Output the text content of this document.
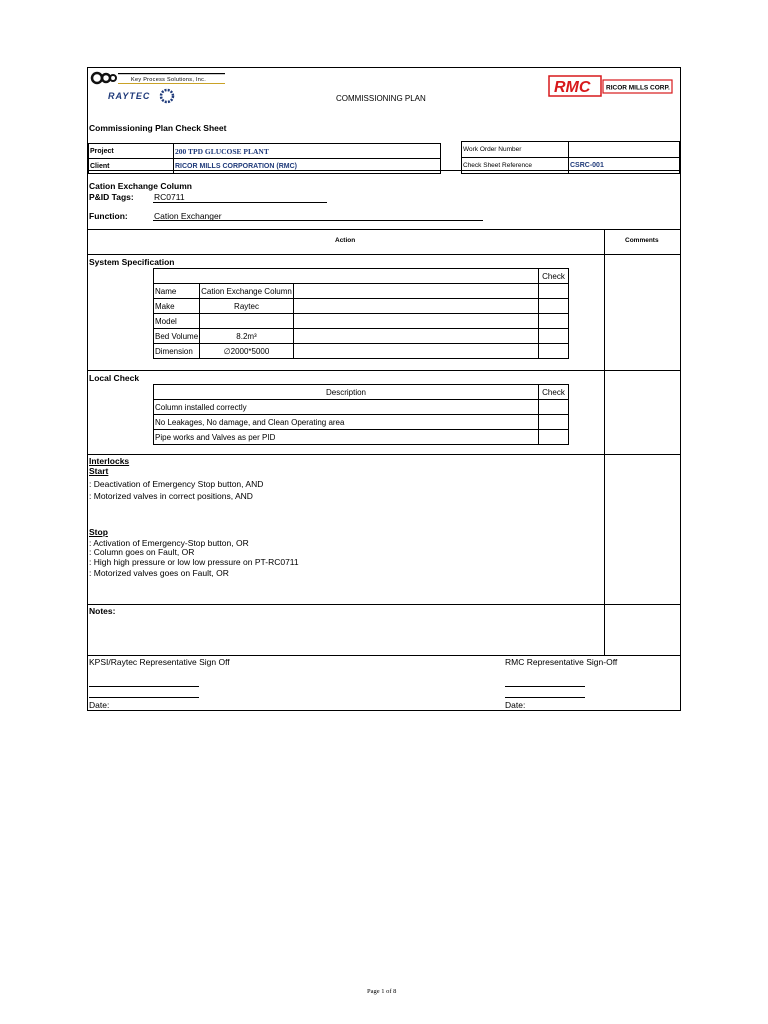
Key Process Solutions, Inc.
RAYTEC	COMMISSIONING PLAN
RMC RICOR MILLS CORP.
Commissioning Plan Check Sheet
Project	200 TPD GLUCOSE PLANT
Client	RICOR MILLS CORPORATION (RMC)
Work Order Number	
Check Sheet Reference	CSRC-001
Cation Exchange Column
P&ID Tags: RC0711
Function:	Cation Exchanger
Action	Comments
System Specification
			Check
Name	Cation Exchange Column		
Make	Raytec		
Model			
Bed Volume	8.2m³		
Dimension	∅2000*5000		
Local Check
Description	Check
Column installed correctly	
No Leakages, No damage, and Clean Operating area	
Pipe works and Valves as per PID	
Interlocks
Start
: Deactivation of Emergency Stop button, AND
: Motorized valves in correct positions, AND
Stop
: Activation of Emergency-Stop button, OR
: Column goes on Fault, OR
: High high pressure or low low pressure on PT-RC0711
: Motorized valves goes on Fault, OR
Notes:
KPSI/Raytec Representative Sign Off	RMC Representative Sign-Off
Date:	Date:
Page 1 of 8
